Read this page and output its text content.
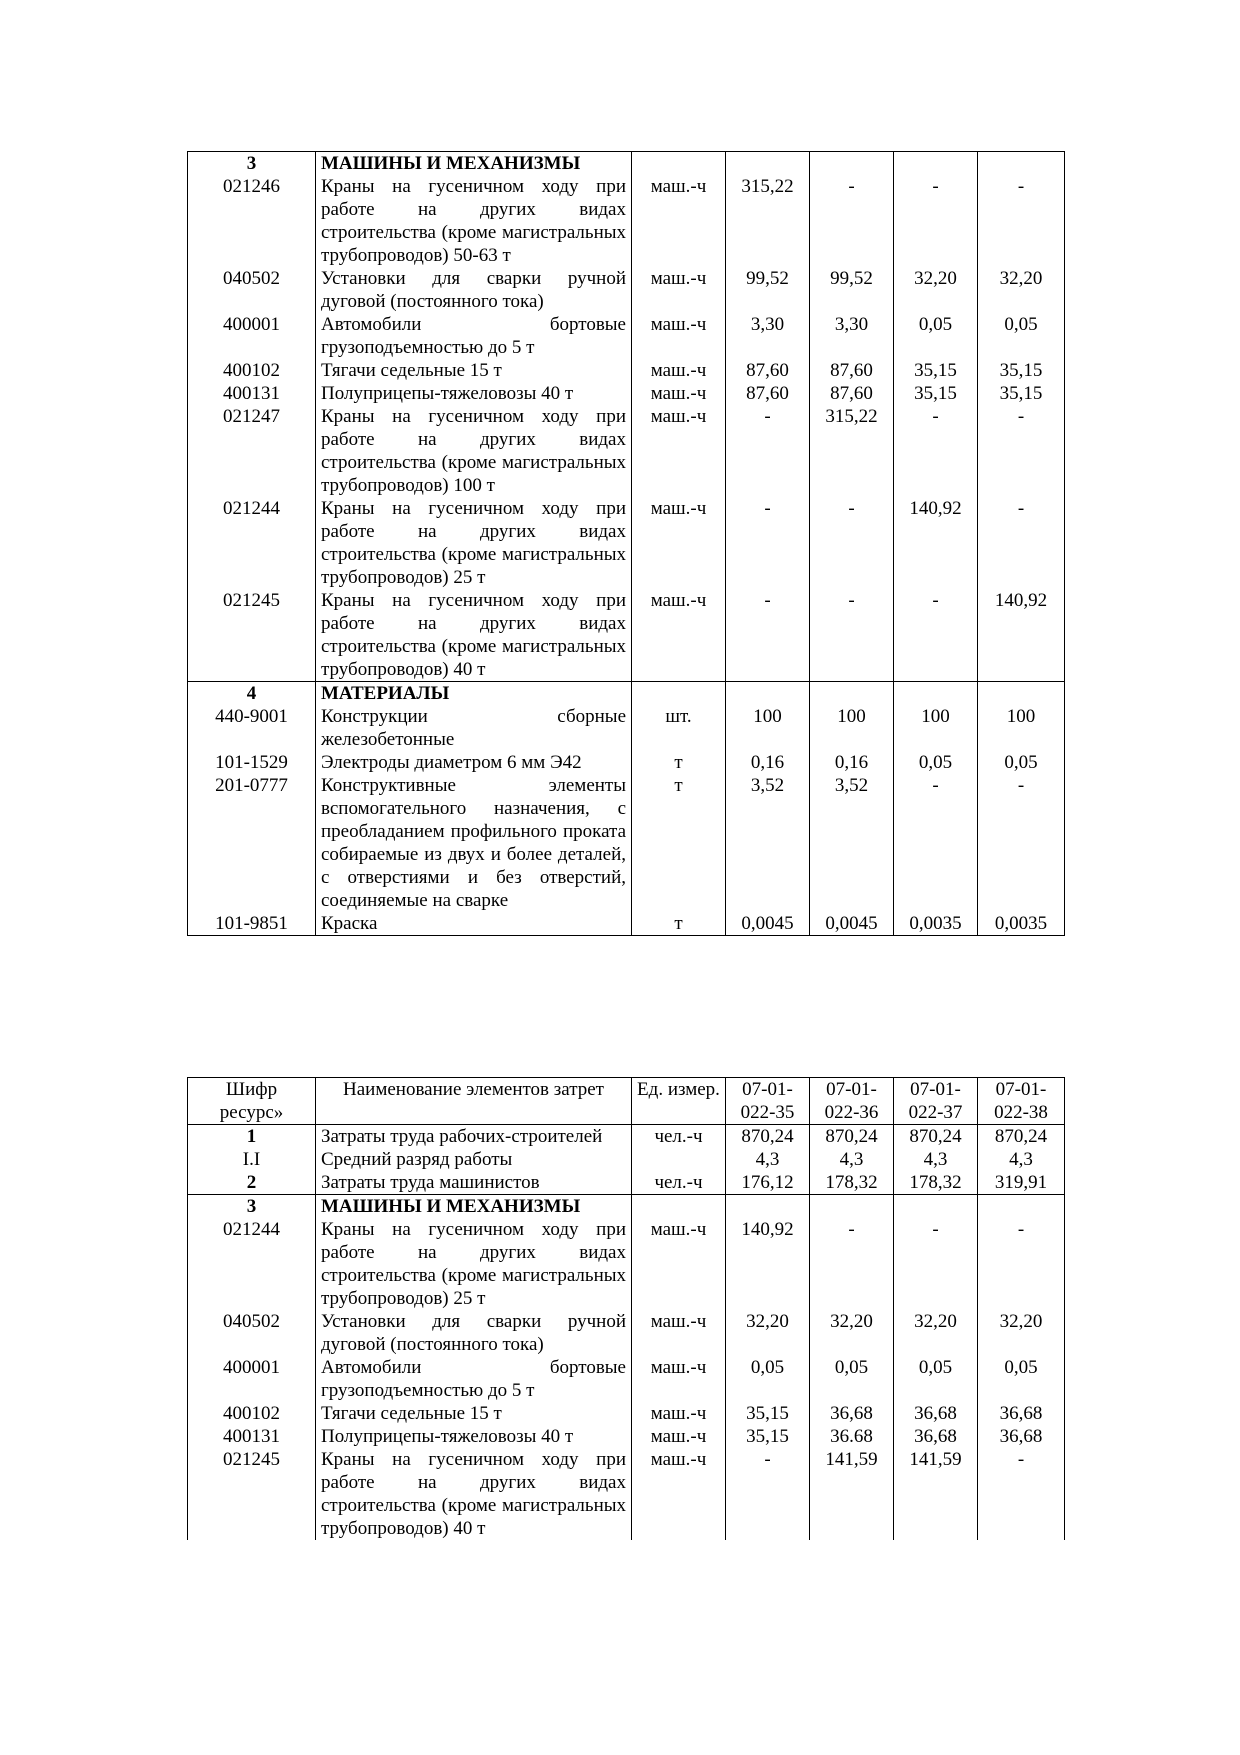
3	МАШИНЫ И МЕХАНИЗМЫ					
021246	Краны на гусеничном ходу при работе на других видах строительства (кроме магистральных трубопроводов) 50-63 т	маш.-ч	315,22	-	-	-
040502	Установки для сварки ручной дуговой (постоянного тока)	маш.-ч	99,52	99,52	32,20	32,20
400001	Автомобили бортовые грузоподъемностью до 5 т	маш.-ч	3,30	3,30	0,05	0,05
400102	Тягачи седельные 15 т	маш.-ч	87,60	87,60	35,15	35,15
400131	Полуприцепы-тяжеловозы 40 т	маш.-ч	87,60	87,60	35,15	35,15
021247	Краны на гусеничном ходу при работе на других видах строительства (кроме магистральных трубопроводов) 100 т	маш.-ч	-	315,22	-	-
021244	Краны на гусеничном ходу при работе на других видах строительства (кроме магистральных трубопроводов) 25 т	маш.-ч	-	-	140,92	-
021245	Краны на гусеничном ходу при работе на других видах строительства (кроме магистральных трубопроводов) 40 т	маш.-ч	-	-	-	140,92
4	МАТЕРИАЛЫ					
440-9001	Конструкции сборные железобетонные	шт.	100	100	100	100
101-1529	Электроды диаметром 6 мм Э42	т	0,16	0,16	0,05	0,05
201-0777	Конструктивные элементы вспомогательного назначения, с преобладанием профильного проката собираемые из двух и более деталей, с отверстиями и без отверстий, соединяемые на сварке	т	3,52	3,52	-	-
101-9851	Краска	т	0,0045	0,0045	0,0035	0,0035
Шифр ресурс»	Наименование элементов затрет	Ед. измер.	07-01-022-35	07-01-022-36	07-01-022-37	07-01-022-38
1	Затраты труда рабочих-строителей	чел.-ч	870,24	870,24	870,24	870,24
I.I	Средний разряд работы		4,3	4,3	4,3	4,3
2	Затраты труда машинистов	чел.-ч	176,12	178,32	178,32	319,91
3	МАШИНЫ И МЕХАНИЗМЫ					
021244	Краны на гусеничном ходу при работе на других видах строительства (кроме магистральных трубопроводов) 25 т	маш.-ч	140,92	-	-	-
040502	Установки для сварки ручной дуговой (постоянного тока)	маш.-ч	32,20	32,20	32,20	32,20
400001	Автомобили бортовые грузоподъемностью до 5 т	маш.-ч	0,05	0,05	0,05	0,05
400102	Тягачи седельные 15 т	маш.-ч	35,15	36,68	36,68	36,68
400131	Полуприцепы-тяжеловозы 40 т	маш.-ч	35,15	36.68	36,68	36,68
021245	Краны на гусеничном ходу при работе на других видах строительства (кроме магистральных трубопроводов) 40 т	маш.-ч	-	141,59	141,59	-
